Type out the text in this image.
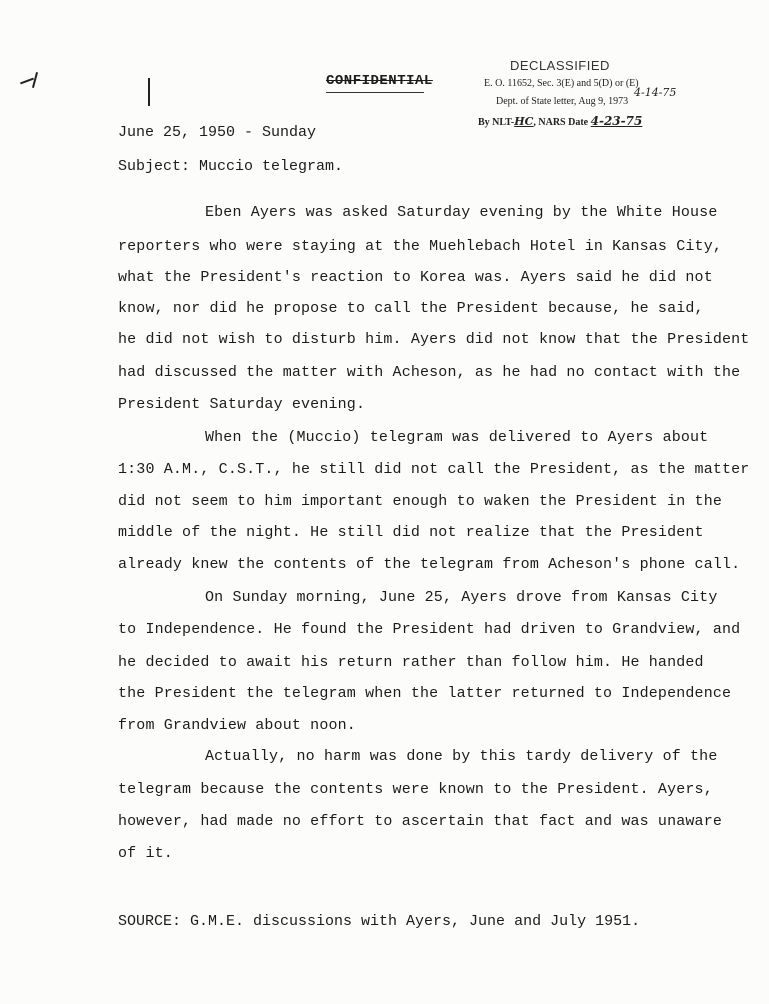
CONFIDENTIAL
DECLASSIFIED
E. O. 11652, Sec. 3(E) and 5(D) or (E)
Dept. of State letter, Aug 9, 1973
4-14-75
By NLT-HC, NARS Date 4-23-75
June 25, 1950 - Sunday
Subject: Muccio telegram.
Eben Ayers was asked Saturday evening by the White House
reporters who were staying at the Muehlebach Hotel in Kansas City,
what the President's reaction to Korea was. Ayers said he did not
know, nor did he propose to call the President because, he said,
he did not wish to disturb him. Ayers did not know that the President
had discussed the matter with Acheson, as he had no contact with the
President Saturday evening.
When the (Muccio) telegram was delivered to Ayers about
1:30 A.M., C.S.T., he still did not call the President, as the matter
did not seem to him important enough to waken the President in the
middle of the night. He still did not realize that the President
already knew the contents of the telegram from Acheson's phone call.
On Sunday morning, June 25, Ayers drove from Kansas City
to Independence. He found the President had driven to Grandview, and
he decided to await his return rather than follow him. He handed
the President the telegram when the latter returned to Independence
from Grandview about noon.
Actually, no harm was done by this tardy delivery of the
telegram because the contents were known to the President. Ayers,
however, had made no effort to ascertain that fact and was unaware
of it.
SOURCE: G.M.E. discussions with Ayers, June and July 1951.
